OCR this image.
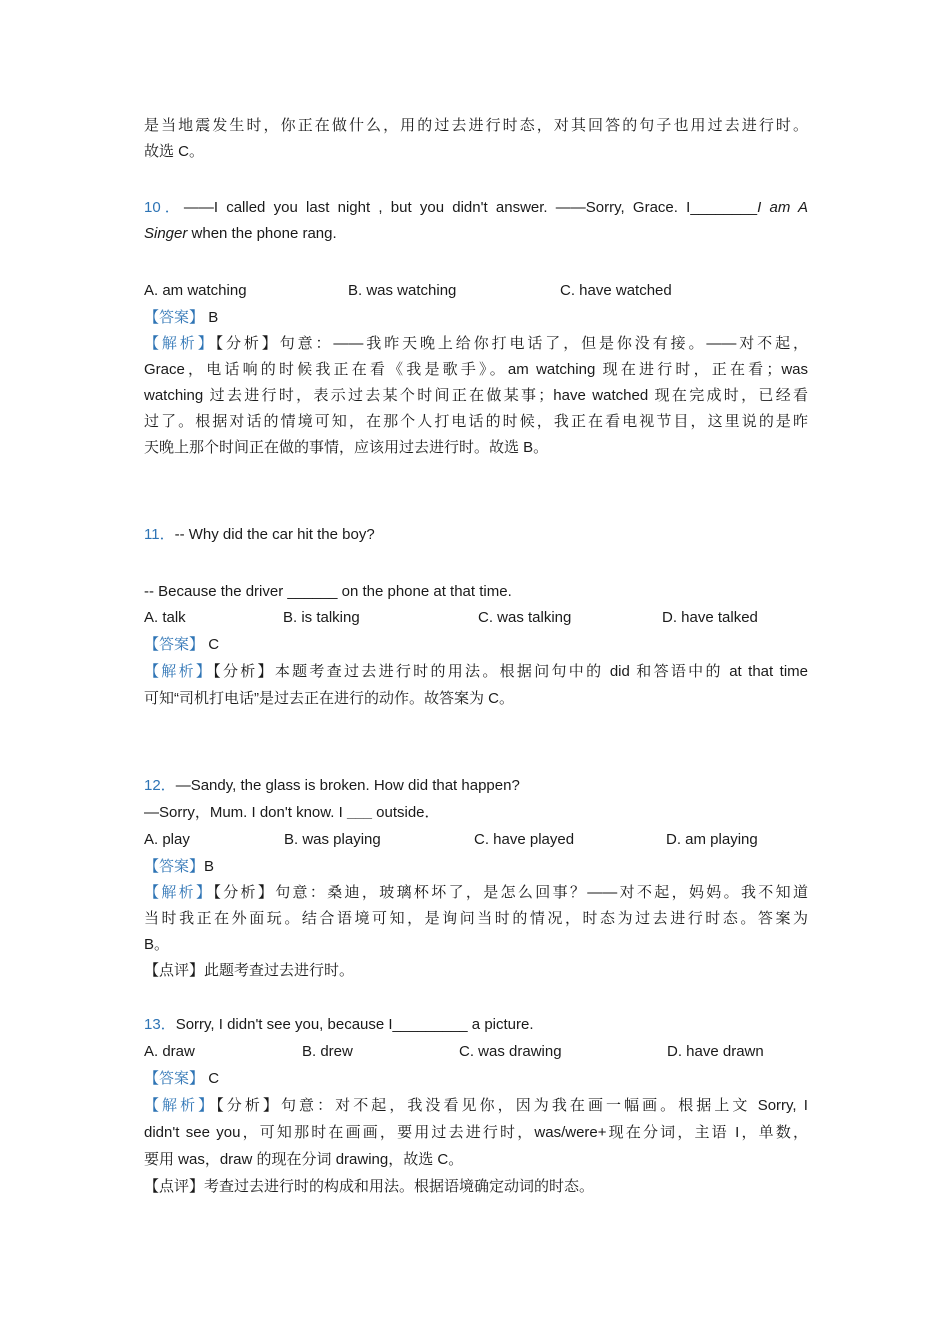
是当地震发生时，你正在做什么，用的过去进行时态，对其回答的句子也用过去进行时。
故选 C。
10．——I called you last night , but you didn't answer. ——Sorry, Grace. I________I am A
Singer when the phone rang.
A. am watching	B. was watching	C. have watched
【答案】 B
【解析】【分析】句意：——我昨天晚上给你打电话了，但是你没有接。——对不起，
Grace，电话响的时候我正在看《我是歌手》。am watching 现在进行时，正在看；was
watching 过去进行时，表示过去某个时间正在做某事；have watched 现在完成时，已经看
过了。根据对话的情境可知，在那个人打电话的时候，我正在看电视节目，这里说的是昨
天晚上那个时间正在做的事情，应该用过去进行时。故选 B。
11．-- Why did the car hit the boy?
-- Because the driver ______ on the phone at that time.
A. talk	B. is talking	C. was talking	D. have talked
【答案】 C
【解析】【分析】本题考查过去进行时的用法。根据问句中的 did 和答语中的 at that time
可知“司机打电话”是过去正在进行的动作。故答案为 C。
12．—Sandy, the glass is broken. How did that happen?
—Sorry，Mum. I don't know. I ___ outside．
A. play	B. was playing	C. have played	D. am playing
【答案】B
【解析】【分析】句意：桑迪，玻璃杯坏了，是怎么回事？——对不起，妈妈。我不知道
当时我正在外面玩。结合语境可知，是询问当时的情况，时态为过去进行时态。答案为
B。
【点评】此题考查过去进行时。
13．Sorry, I didn't see you, because I_________ a picture.
A. draw	B. drew	C. was drawing	D. have drawn
【答案】 C
【解析】【分析】句意：对不起，我没看见你，因为我在画一幅画。根据上文 Sorry, I
didn't see you，可知那时在画画，要用过去进行时，was/were+现在分词，主语 I，单数，
要用 was，draw 的现在分词 drawing，故选 C。
【点评】考查过去进行时的构成和用法。根据语境确定动词的时态。
